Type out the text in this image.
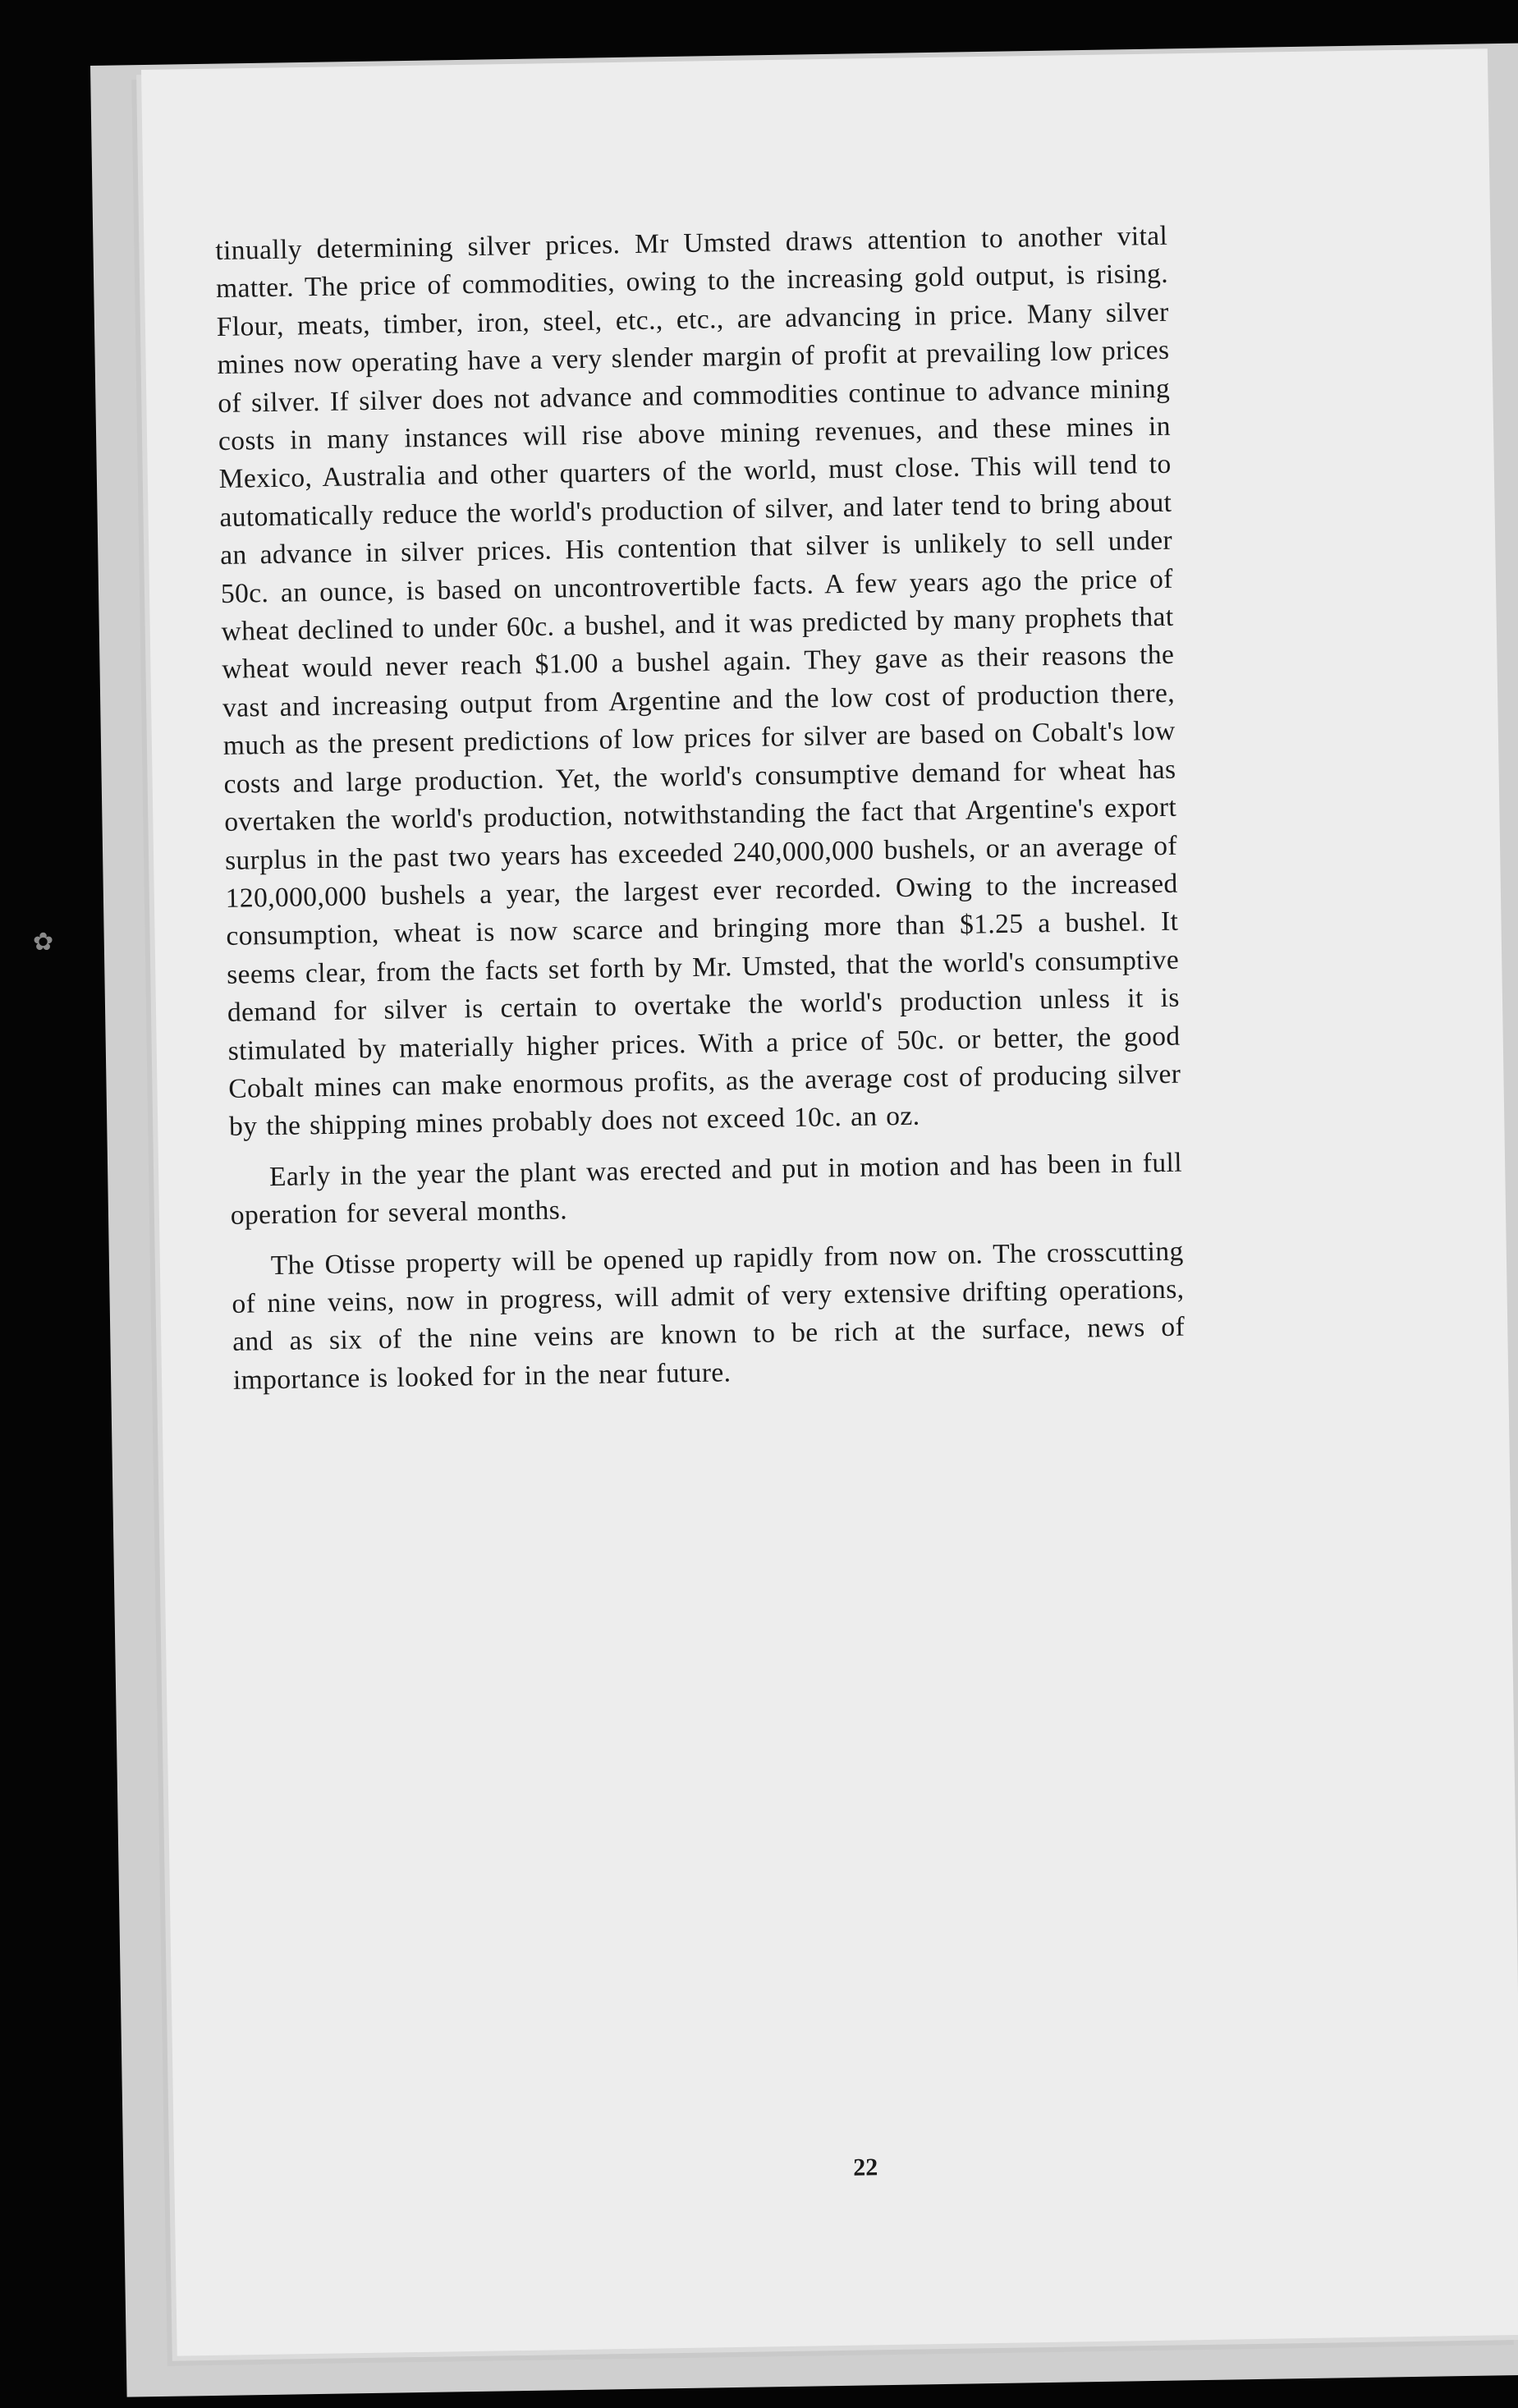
✿

tinually determining silver prices. Mr Umsted draws attention to another vital matter. The price of commodities, owing to the increasing gold output, is rising. Flour, meats, timber, iron, steel, etc., etc., are advancing in price. Many silver mines now operating have a very slender margin of profit at prevailing low prices of silver. If silver does not advance and commodities continue to advance mining costs in many instances will rise above mining revenues, and these mines in Mexico, Australia and other quarters of the world, must close. This will tend to automatically reduce the world's production of silver, and later tend to bring about an advance in silver prices. His contention that silver is unlikely to sell under 50c. an ounce, is based on uncontrovertible facts. A few years ago the price of wheat declined to under 60c. a bushel, and it was predicted by many prophets that wheat would never reach $1.00 a bushel again. They gave as their reasons the vast and increasing output from Argentine and the low cost of production there, much as the present predictions of low prices for silver are based on Cobalt's low costs and large production. Yet, the world's consumptive demand for wheat has overtaken the world's production, notwithstanding the fact that Argentine's export surplus in the past two years has exceeded 240,000,000 bushels, or an average of 120,000,000 bushels a year, the largest ever recorded. Owing to the increased consumption, wheat is now scarce and bringing more than $1.25 a bushel. It seems clear, from the facts set forth by Mr. Umsted, that the world's consumptive demand for silver is certain to overtake the world's production unless it is stimulated by materially higher prices. With a price of 50c. or better, the good Cobalt mines can make enormous profits, as the average cost of producing silver by the shipping mines probably does not exceed 10c. an oz.

Early in the year the plant was erected and put in motion and has been in full operation for several months.

The Otisse property will be opened up rapidly from now on. The crosscutting of nine veins, now in progress, will admit of very extensive drifting operations, and as six of the nine veins are known to be rich at the surface, news of importance is looked for in the near future.

22
